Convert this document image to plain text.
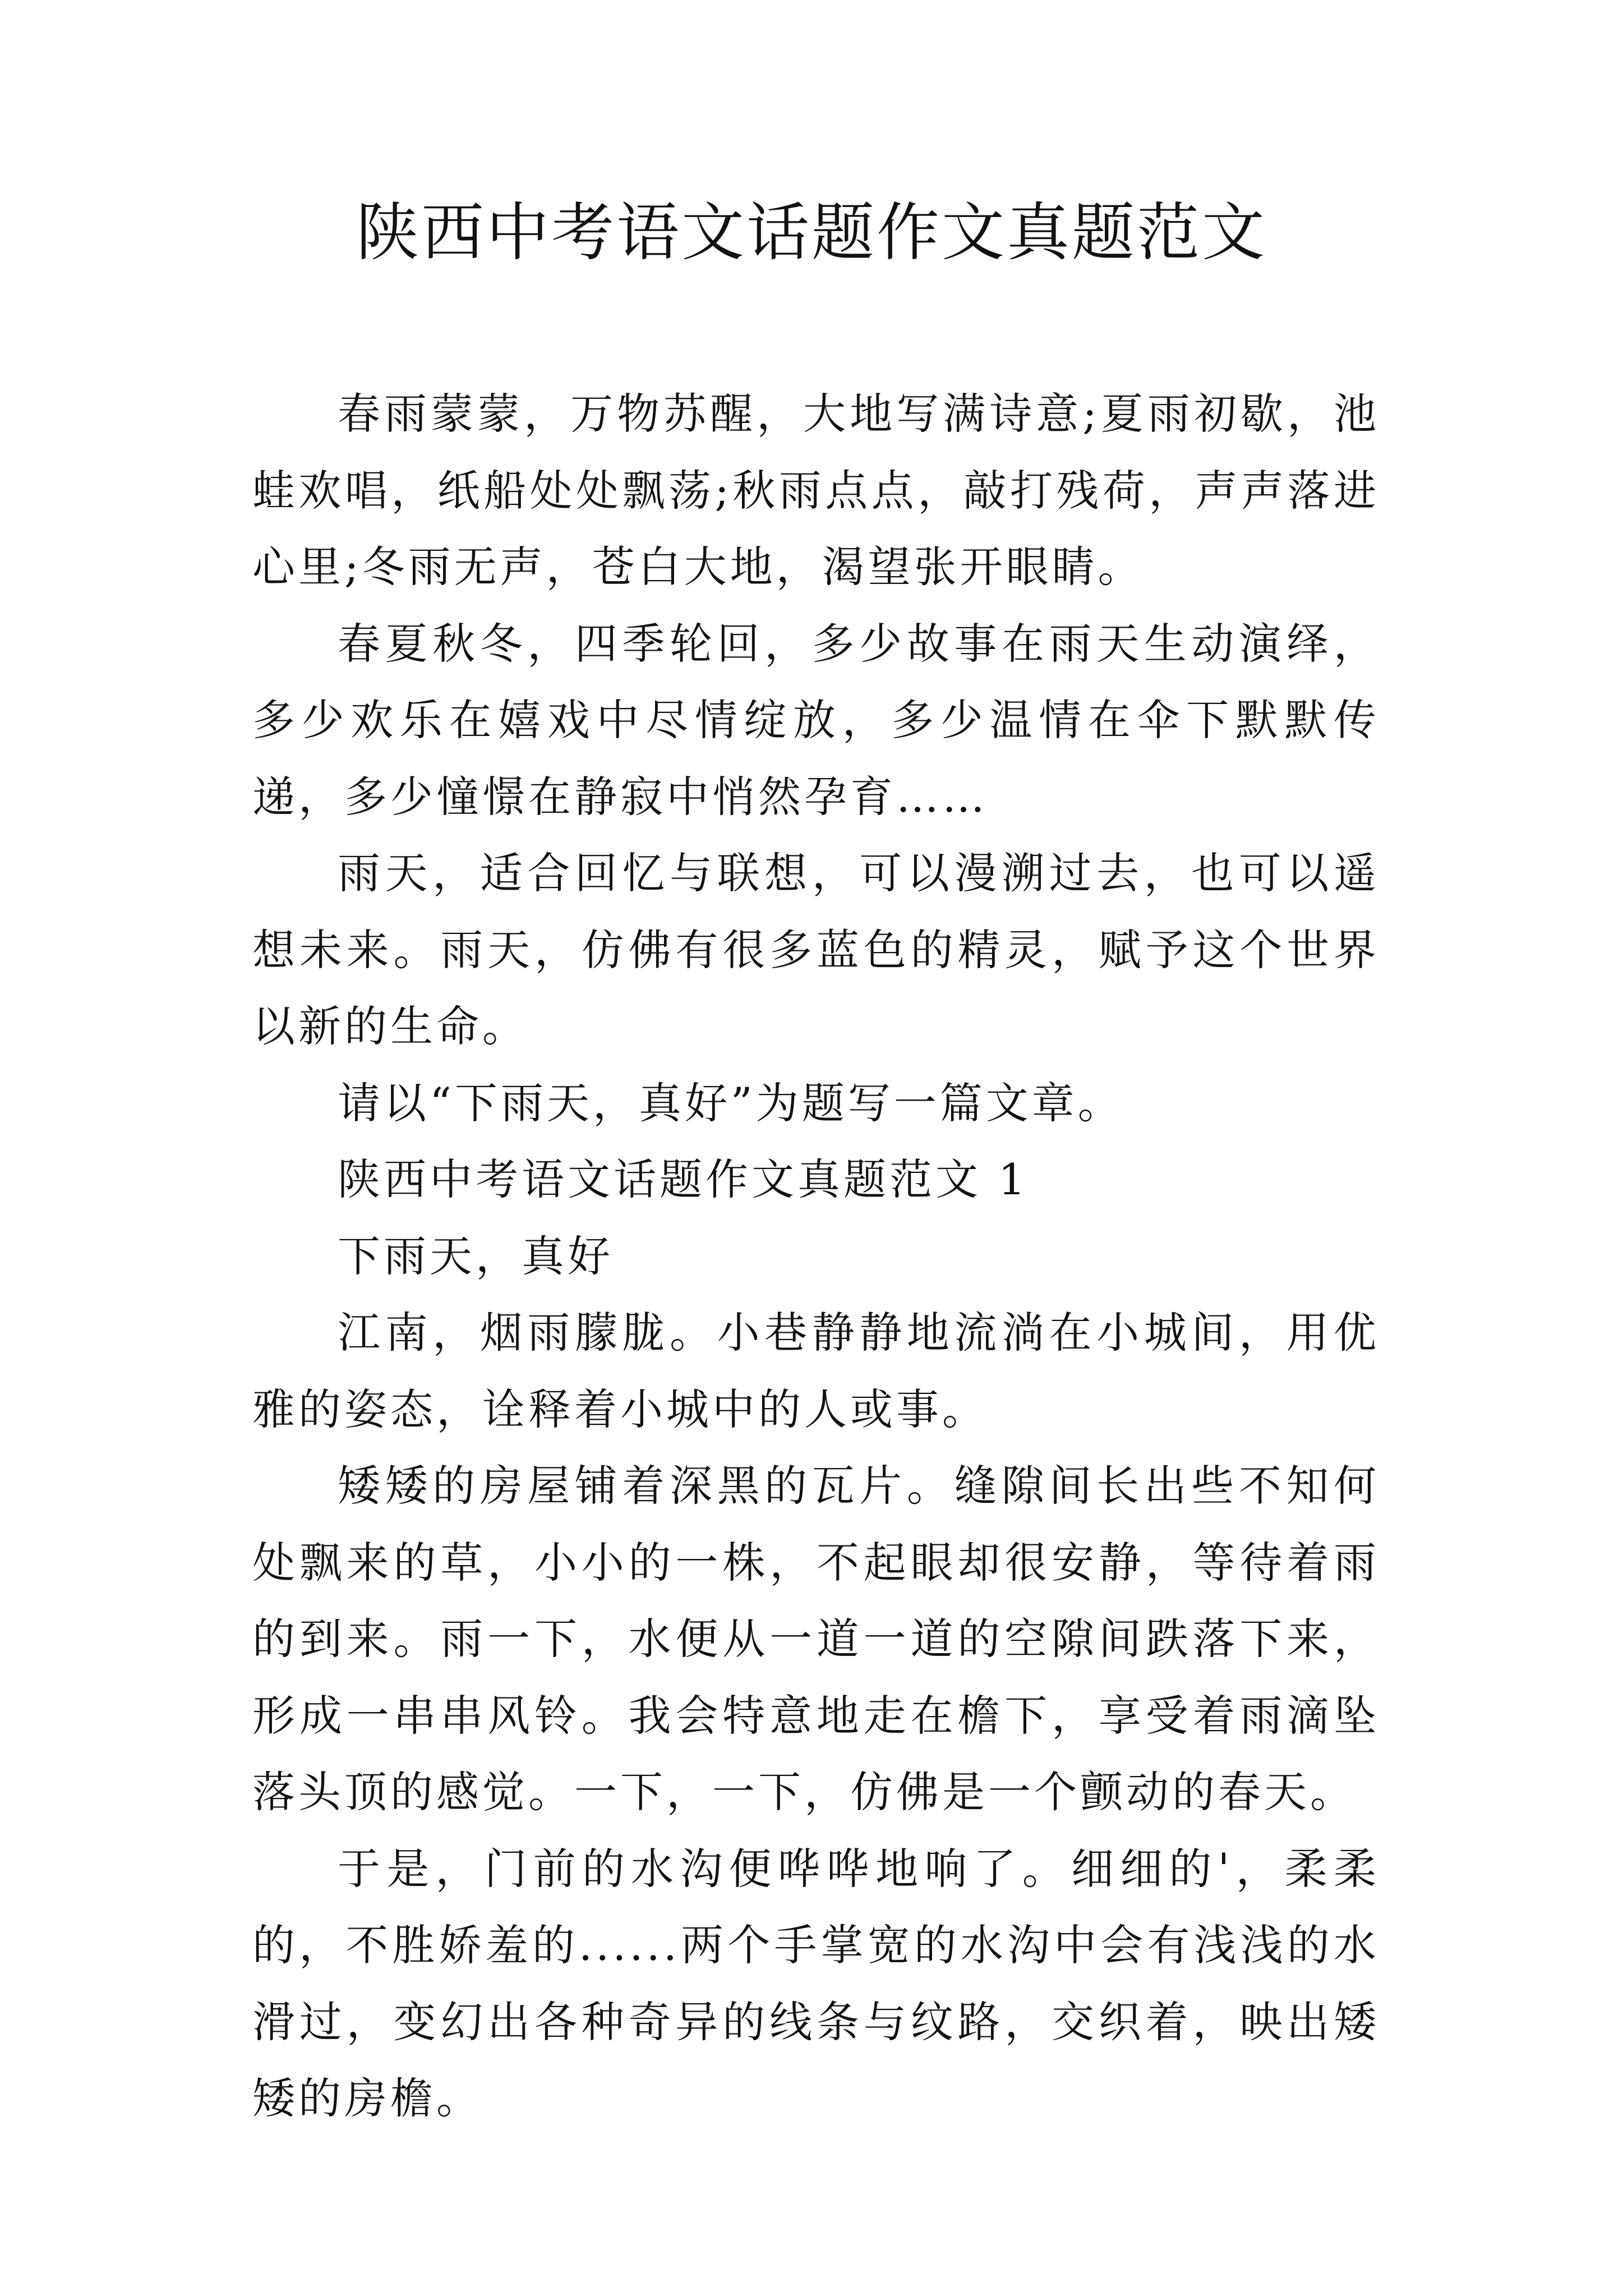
陕西中考语文话题作文真题范文

春雨蒙蒙，万物苏醒，大地写满诗意;夏雨初歇，池蛙欢唱，纸船处处飘荡;秋雨点点，敲打残荷，声声落进心里;冬雨无声，苍白大地，渴望张开眼睛。

春夏秋冬，四季轮回，多少故事在雨天生动演绎，多少欢乐在嬉戏中尽情绽放，多少温情在伞下默默传递，多少憧憬在静寂中悄然孕育……

雨天，适合回忆与联想，可以漫溯过去，也可以遥想未来。雨天，仿佛有很多蓝色的精灵，赋予这个世界以新的生命。

请以“下雨天，真好”为题写一篇文章。

陕西中考语文话题作文真题范文 1

下雨天，真好

江南，烟雨朦胧。小巷静静地流淌在小城间，用优雅的姿态，诠释着小城中的人或事。

矮矮的房屋铺着深黑的瓦片。缝隙间长出些不知何处飘来的草，小小的一株，不起眼却很安静，等待着雨的到来。雨一下，水便从一道一道的空隙间跌落下来，形成一串串风铃。我会特意地走在檐下，享受着雨滴坠落头顶的感觉。一下，一下，仿佛是一个颤动的春天。

于是，门前的水沟便哗哗地响了。细细的'，柔柔的，不胜娇羞的......两个手掌宽的水沟中会有浅浅的水滑过，变幻出各种奇异的线条与纹路，交织着，映出矮矮的房檐。
